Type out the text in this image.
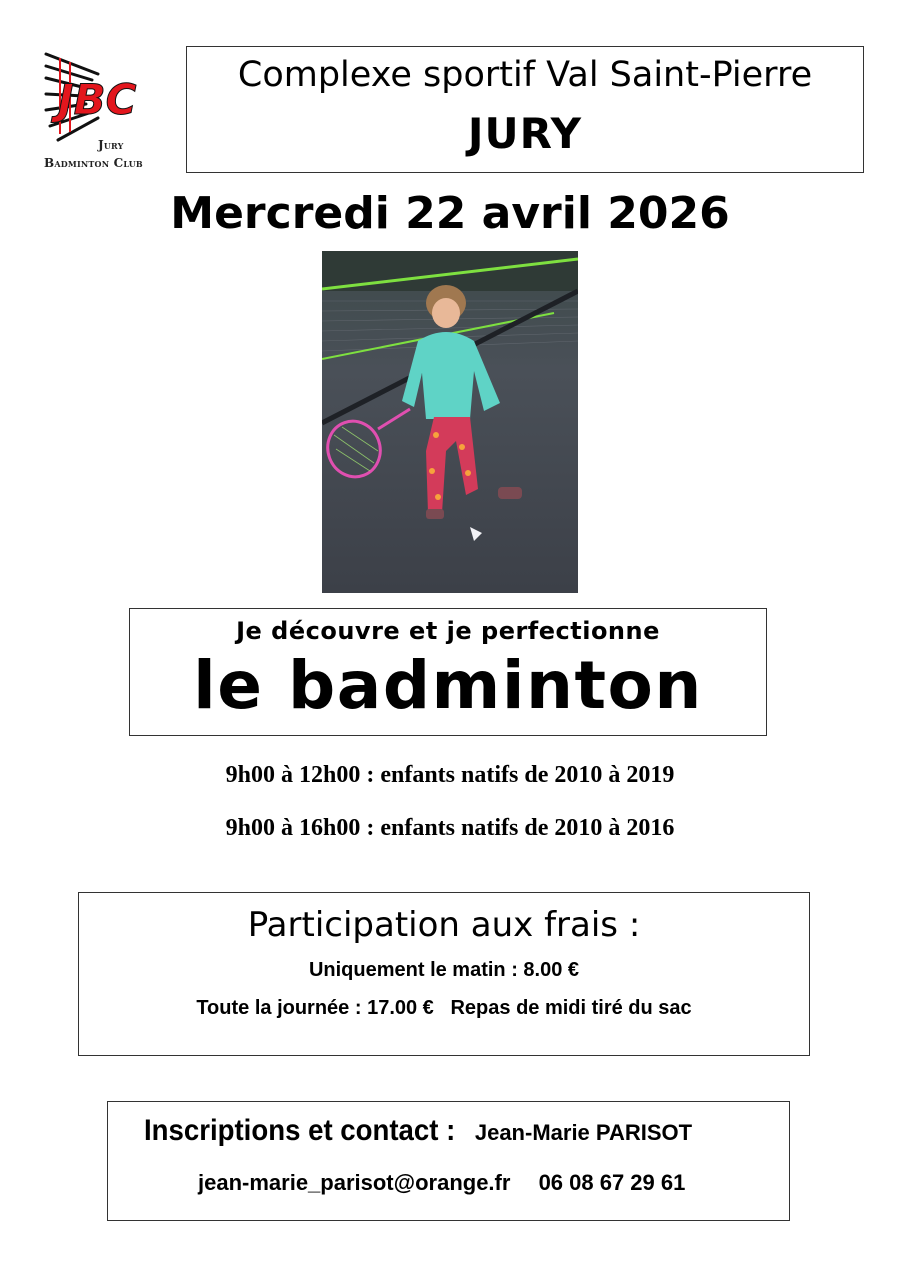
JBC
Jury
Badminton Club
Complexe sportif Val Saint-Pierre
JURY
Mercredi 22 avril 2026
Je découvre et je perfectionne
le badminton
9h00 à 12h00 : enfants natifs de 2010 à 2019
9h00 à 16h00 : enfants natifs de 2010 à 2016
Participation aux frais :
Uniquement le matin : 8.00 €
Toute la journée : 17.00 €   Repas de midi tiré du sac
Inscriptions et contact : Jean-Marie PARISOT
jean-marie_parisot@orange.fr 06 08 67 29 61
